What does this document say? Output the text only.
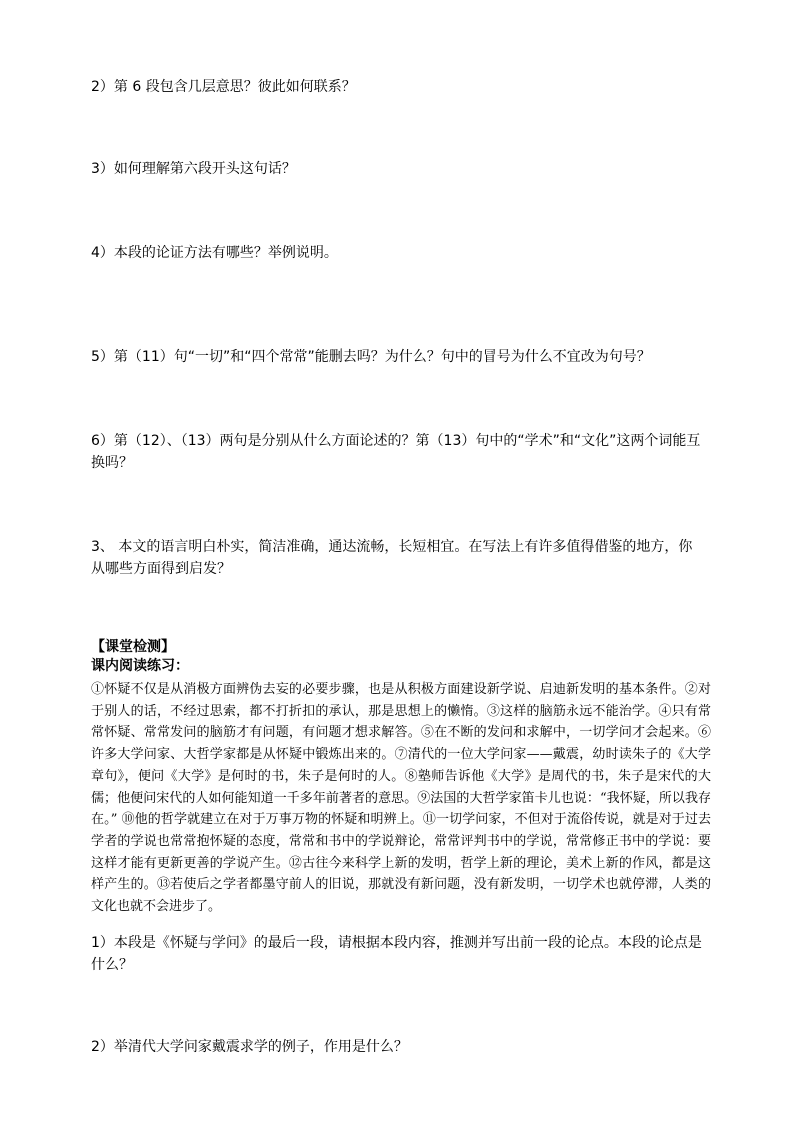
2）第 6 段包含几层意思？彼此如何联系？
3）如何理解第六段开头这句话？
4）本段的论证方法有哪些？举例说明。
5）第（11）句“一切”和“四个常常”能删去吗？为什么？句中的冒号为什么不宜改为句号？
6）第（12）、（13）两句是分别从什么方面论述的？第（13）句中的“学术”和“文化”这两个词能互换吗？
3、 本文的语言明白朴实，简洁准确，通达流畅，长短相宜。在写法上有许多值得借鉴的地方，你从哪些方面得到启发？
【课堂检测】
课内阅读练习：
①怀疑不仅是从消极方面辨伪去妄的必要步骤，也是从积极方面建设新学说、启迪新发明的基本条件。②对于别人的话，不经过思索，都不打折扣的承认，那是思想上的懒惰。③这样的脑筋永远不能治学。④只有常常怀疑、常常发问的脑筋才有问题，有问题才想求解答。⑤在不断的发问和求解中，一切学问才会起来。⑥许多大学问家、大哲学家都是从怀疑中锻炼出来的。⑦清代的一位大学问家——戴震，幼时读朱子的《大学章句》，便问《大学》是何时的书，朱子是何时的人。⑧塾师告诉他《大学》是周代的书，朱子是宋代的大儒；他便问宋代的人如何能知道一千多年前著者的意思。⑨法国的大哲学家笛卡儿也说：“我怀疑，所以我存在。” ⑩他的哲学就建立在对于万事万物的怀疑和明辨上。⑪一切学问家，不但对于流俗传说，就是对于过去学者的学说也常常抱怀疑的态度，常常和书中的学说辩论，常常评判书中的学说，常常修正书中的学说：要这样才能有更新更善的学说产生。⑫古往今来科学上新的发明，哲学上新的理论，美术上新的作风，都是这样产生的。⑬若使后之学者都墨守前人的旧说，那就没有新问题，没有新发明，一切学术也就停滞，人类的文化也就不会进步了。
1）本段是《怀疑与学问》的最后一段，请根据本段内容，推测并写出前一段的论点。本段的论点是什么？
2）举清代大学问家戴震求学的例子，作用是什么？
